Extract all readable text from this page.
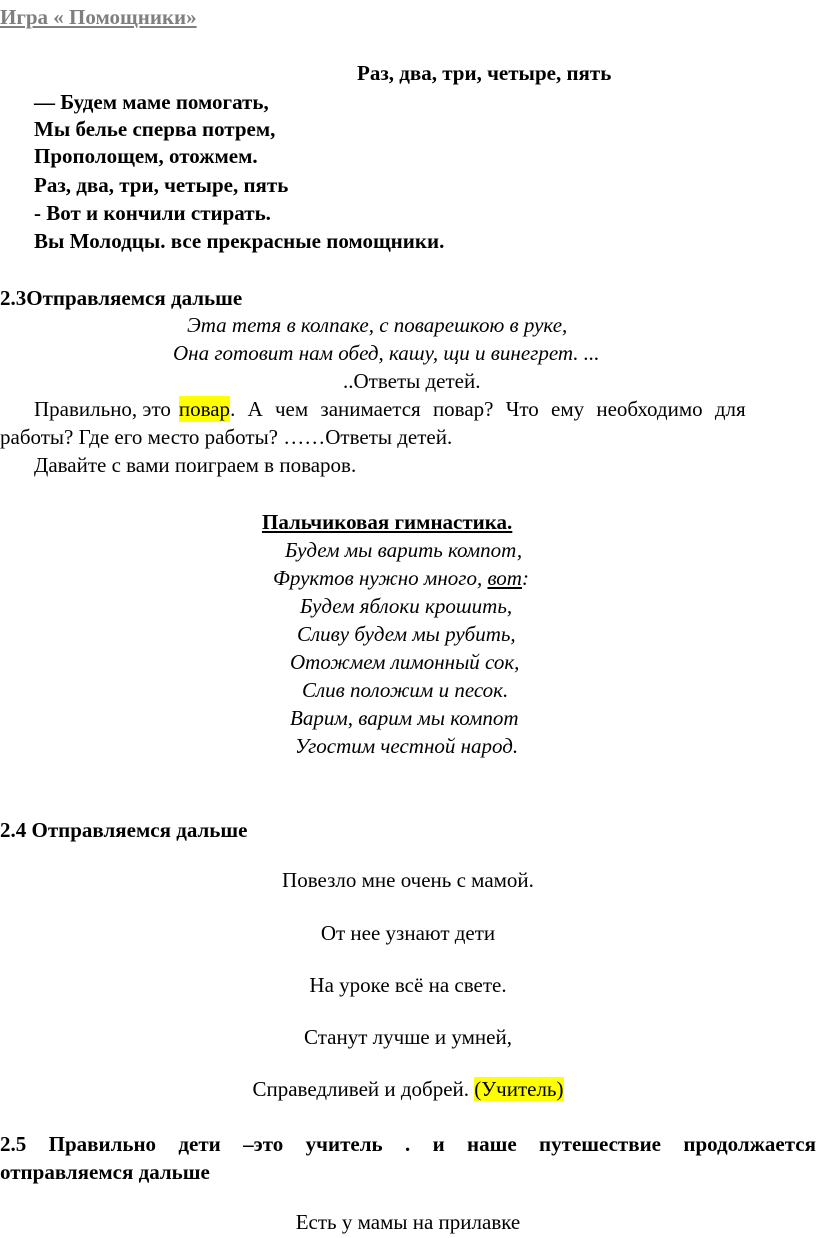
Игра « Помощники»
Раз, два, три, четыре, пять
— Будем маме помогать,
Мы белье сперва потрем,
Прополощем, отожмем.
Раз, два, три, четыре, пять
- Вот и кончили стирать.
Вы Молодцы. все прекрасные помощники.
2.3Отправляемся дальше
Эта тетя в колпаке, с поварешкою в руке,
Она готовит нам обед, кашу, щи и винегрет. ...
..Ответы детей.
Правильно, это повар . А чем занимается повар? Что ему необходимо для
работы? Где его место работы? ……Ответы детей.
Давайте с вами поиграем в поваров.
Пальчиковая гимнастика.
Будем мы варить компот,
Фруктов нужно много, вот:
Будем яблоки крошить,
Сливу будем мы рубить,
Отожмем лимонный сок,
Слив положим и песок.
Варим, варим мы компот
Угостим честной народ.
2.4 Отправляемся дальше
Повезло мне очень с мамой.
От нее узнают дети
На уроке всё на свете.
Станут лучше и умней,
Справедливей и добрей. (Учитель)
2.5 Правильно дети –это учитель . и наше путешествие продолжается
отправляемся дальше
Есть у мамы на прилавке
